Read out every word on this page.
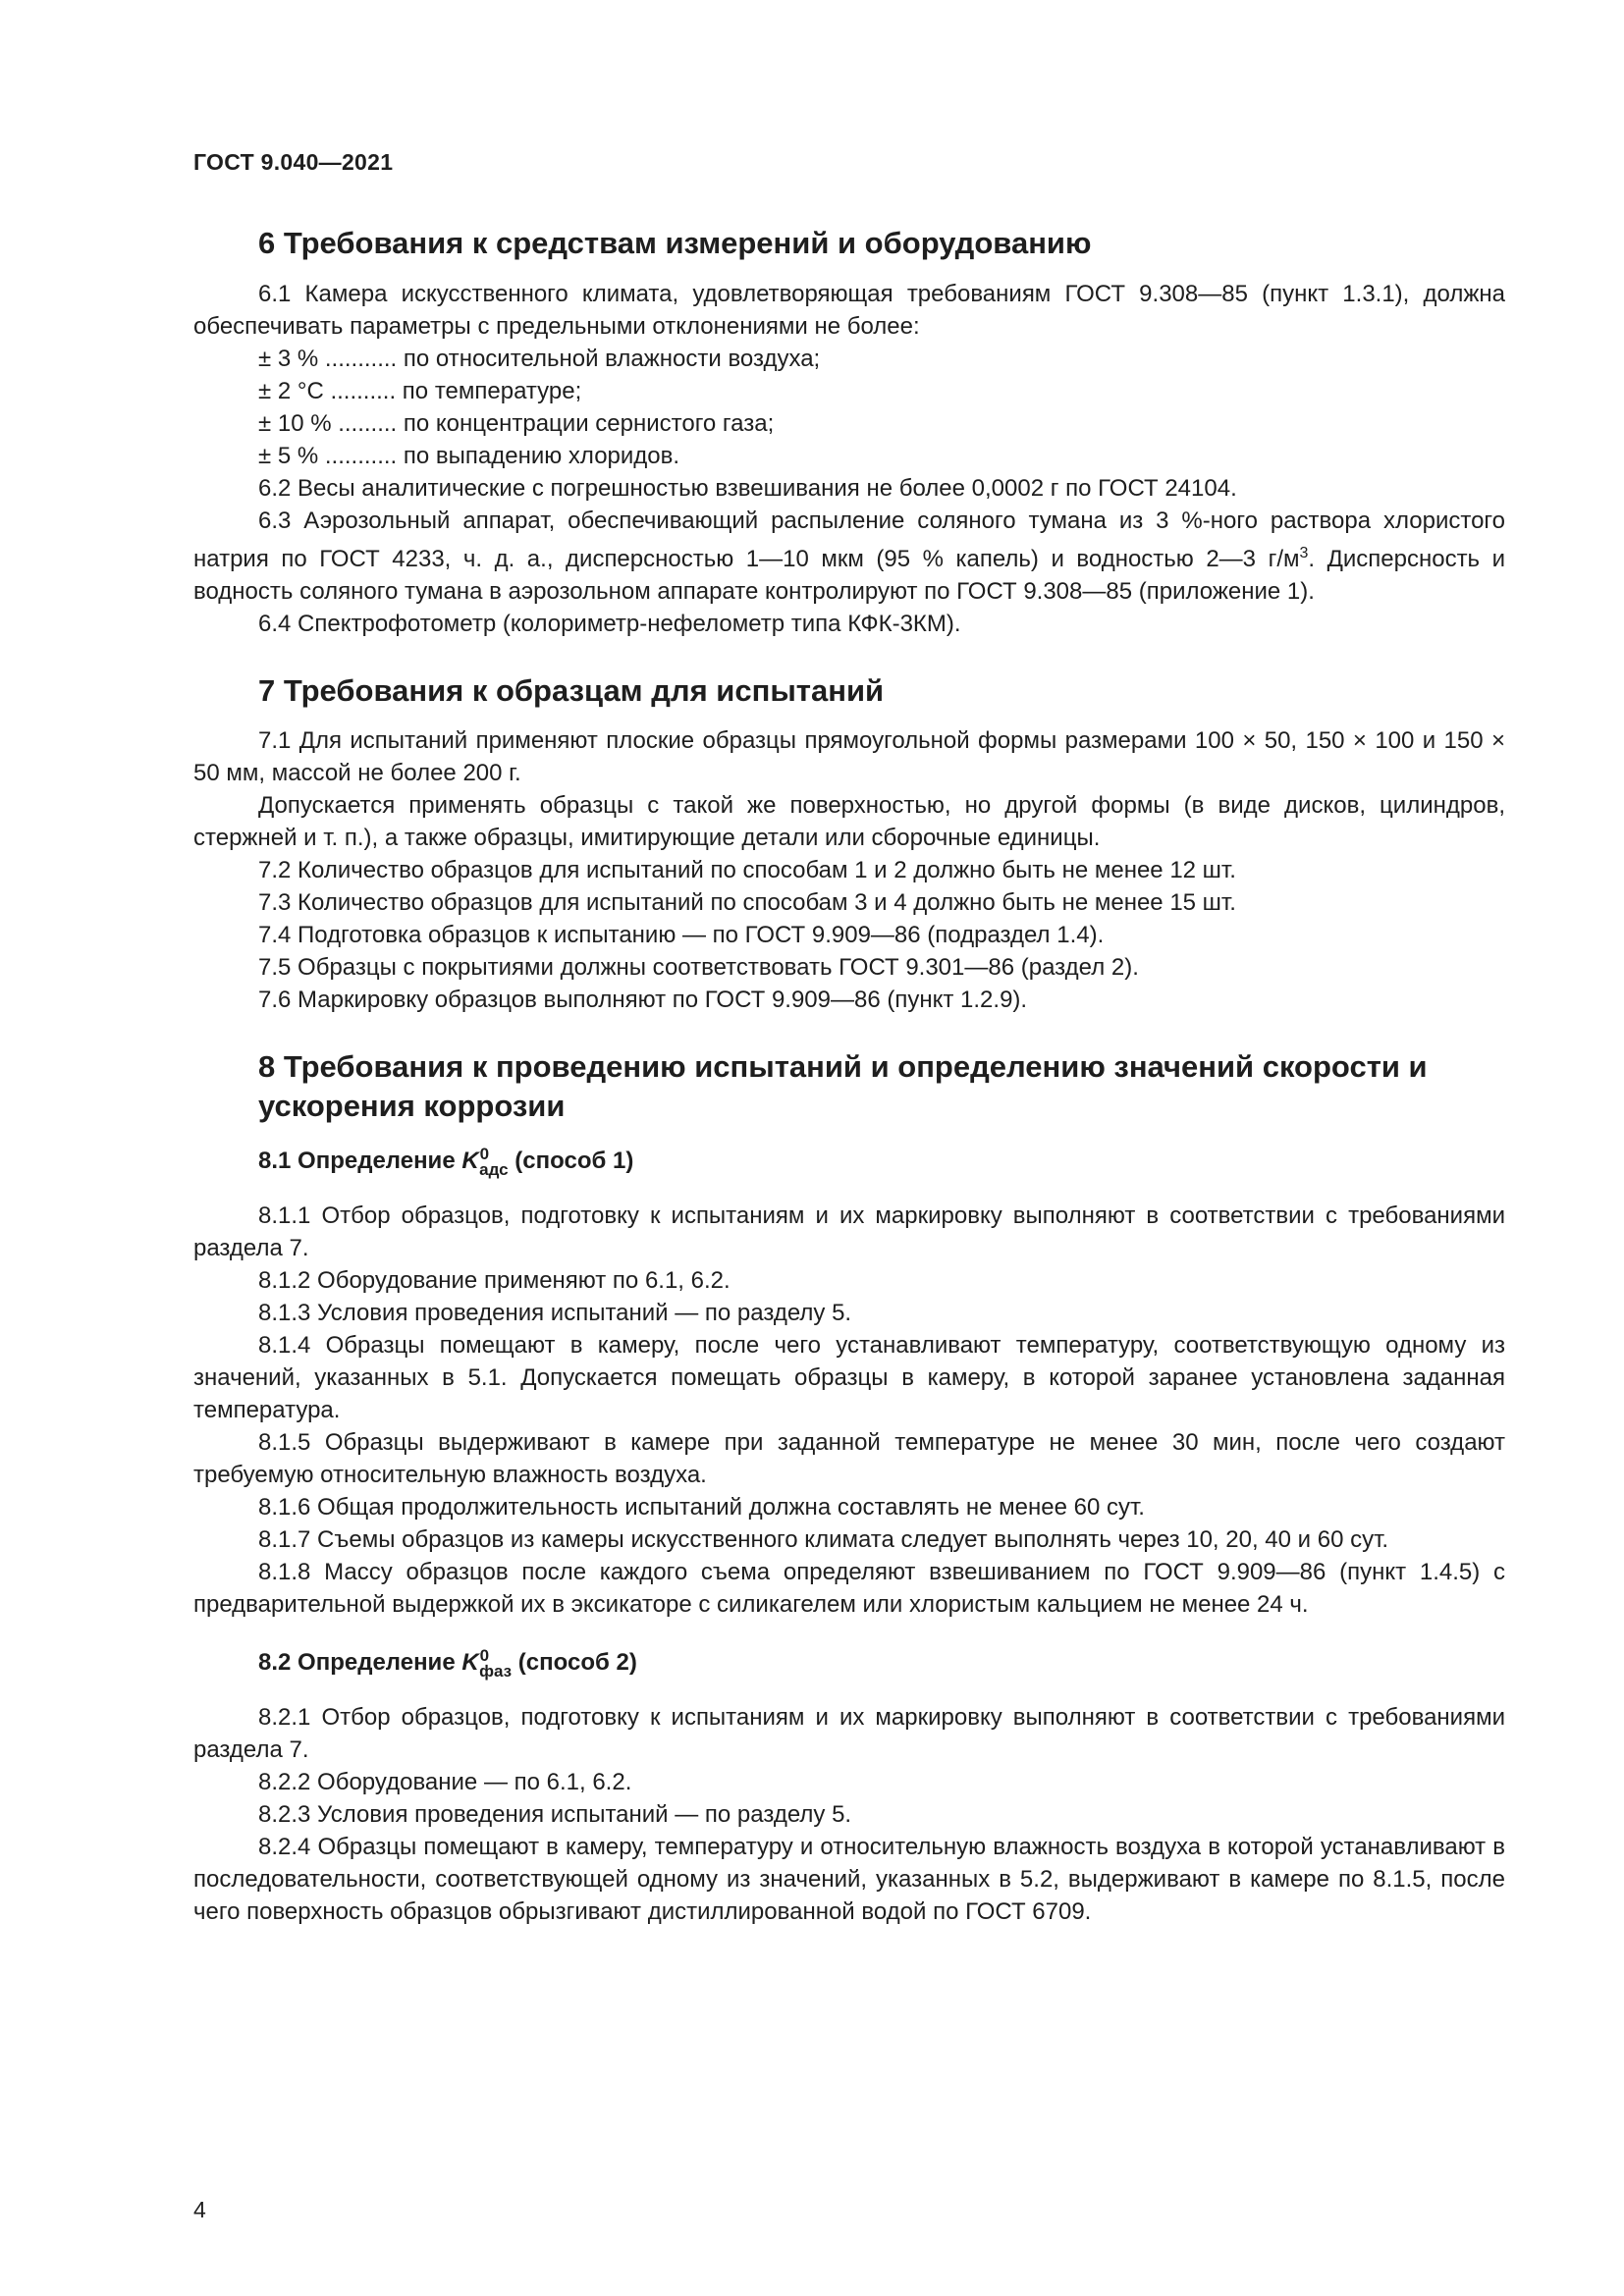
ГОСТ 9.040—2021
6 Требования к средствам измерений и оборудованию

6.1 Камера искусственного климата, удовлетворяющая требованиям ГОСТ 9.308—85 (пункт 1.3.1), должна обеспечивать параметры с предельными отклонениями не более:

± 3 % ........... по относительной влажности воздуха;
± 2 °С .......... по температуре;
± 10 % ......... по концентрации сернистого газа;
± 5 % ........... по выпадению хлоридов.

6.2 Весы аналитические с погрешностью взвешивания не более 0,0002 г по ГОСТ 24104.

6.3 Аэрозольный аппарат, обеспечивающий распыление соляного тумана из 3 %-ного раствора хлористого натрия по ГОСТ 4233, ч. д. а., дисперсностью 1—10 мкм (95 % капель) и водностью 2—3 $г/м^3$. Дисперсность и водность соляного тумана в аэрозольном аппарате контролируют по ГОСТ 9.308—85 (приложение 1).

6.4 Спектрофотометр (колориметр-нефелометр типа КФК-3КМ).

7 Требования к образцам для испытаний

7.1 Для испытаний применяют плоские образцы прямоугольной формы размерами 100 × 50, 150 × 100 и 150 × 50 мм, массой не более 200 г.

Допускается применять образцы с такой же поверхностью, но другой формы (в виде дисков, цилиндров, стержней и т. п.), а также образцы, имитирующие детали или сборочные единицы.

7.2 Количество образцов для испытаний по способам 1 и 2 должно быть не менее 12 шт.

7.3 Количество образцов для испытаний по способам 3 и 4 должно быть не менее 15 шт.

7.4 Подготовка образцов к испытанию — по ГОСТ 9.909—86 (подраздел 1.4).

7.5 Образцы с покрытиями должны соответствовать ГОСТ 9.301—86 (раздел 2).

7.6 Маркировку образцов выполняют по ГОСТ 9.909—86 (пункт 1.2.9).

8 Требования к проведению испытаний и определению значений скорости и ускорения коррозии
8.1 Определение $K^0_{адс}$ (способ 1)

8.1.1 Отбор образцов, подготовку к испытаниям и их маркировку выполняют в соответствии с требованиями раздела 7.

8.1.2 Оборудование применяют по 6.1, 6.2.

8.1.3 Условия проведения испытаний — по разделу 5.

8.1.4 Образцы помещают в камеру, после чего устанавливают температуру, соответствующую одному из значений, указанных в 5.1. Допускается помещать образцы в камеру, в которой заранее установлена заданная температура.

8.1.5 Образцы выдерживают в камере при заданной температуре не менее 30 мин, после чего создают требуемую относительную влажность воздуха.

8.1.6 Общая продолжительность испытаний должна составлять не менее 60 сут.

8.1.7 Съемы образцов из камеры искусственного климата следует выполнять через 10, 20, 40 и 60 сут.

8.1.8 Массу образцов после каждого съема определяют взвешиванием по ГОСТ 9.909—86 (пункт 1.4.5) с предварительной выдержкой их в эксикаторе с силикагелем или хлористым кальцием не менее 24 ч.

8.2 Определение $K^0_{фаз}$ (способ 2)

8.2.1 Отбор образцов, подготовку к испытаниям и их маркировку выполняют в соответствии с требованиями раздела 7.

8.2.2 Оборудование — по 6.1, 6.2.

8.2.3 Условия проведения испытаний — по разделу 5.

8.2.4 Образцы помещают в камеру, температуру и относительную влажность воздуха в которой устанавливают в последовательности, соответствующей одному из значений, указанных в 5.2, выдерживают в камере по 8.1.5, после чего поверхность образцов обрызгивают дистиллированной водой по ГОСТ 6709.

4
